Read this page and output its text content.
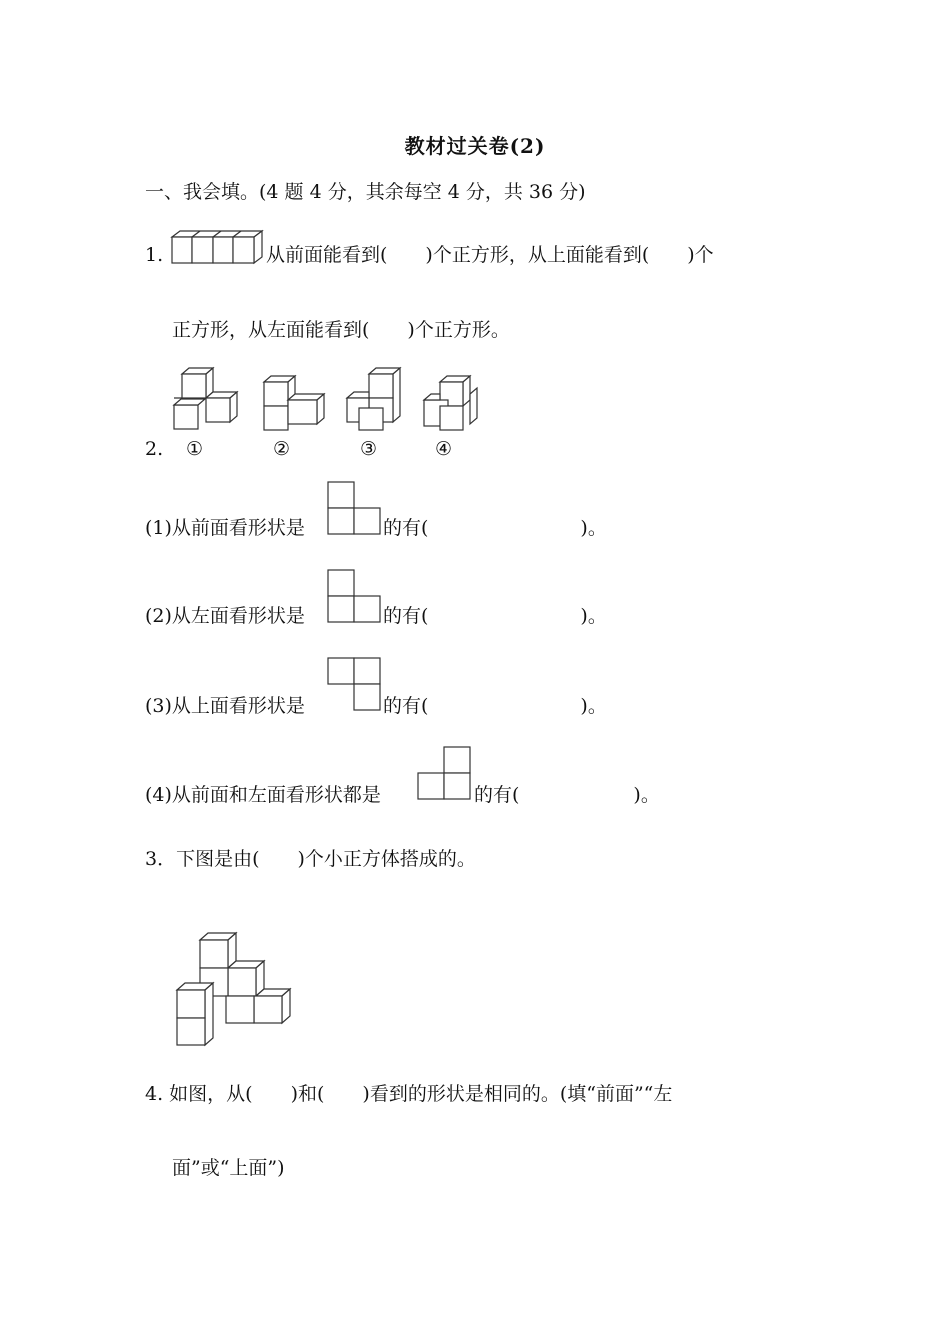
教材过关卷(2)
一、我会填。(4 题 4 分，其余每空 4 分，共 36 分)
1.	从前面能看到(　　)个正方形，从上面能看到(　　)个
正方形，从左面能看到(　　)个正方形。
2. ①	②	③	④
(1)从前面看形状是	的有(　　　　　　　　)。
(2)从左面看形状是	的有(　　　　　　　　)。
(3)从上面看形状是	的有(　　　　　　　　)。
(4)从前面和左面看形状都是	的有(　　　　　　)。
3．下图是由(　　)个小正方体搭成的。
4. 如图，从(　　)和(　　)看到的形状是相同的。(填“前面”“左
面”或“上面”)
